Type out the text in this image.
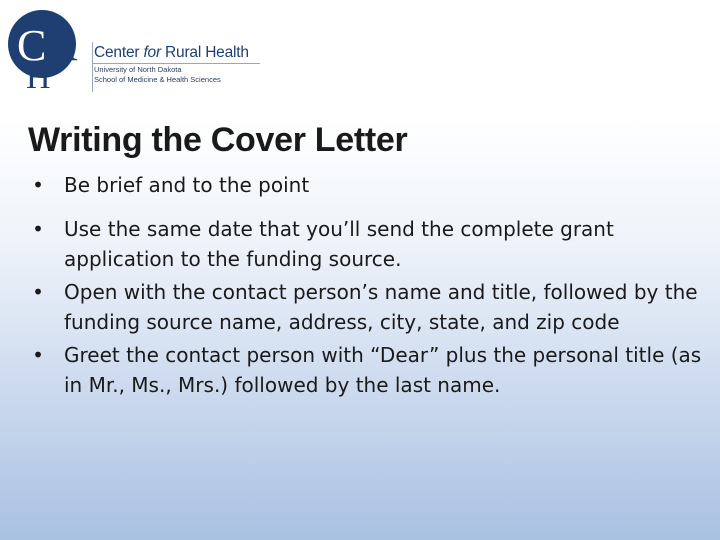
C R
H
Center for Rural Health
University of North Dakota
School of Medicine & Health Sciences
Writing the Cover Letter
• Be brief and to the point
• Use the same date that you’ll send the complete grant application to the funding source.
• Open with the contact person’s name and title, followed by the funding source name, address, city, state, and zip code
• Greet the contact person with “Dear” plus the personal title (as in Mr., Ms., Mrs.) followed by the last name.
